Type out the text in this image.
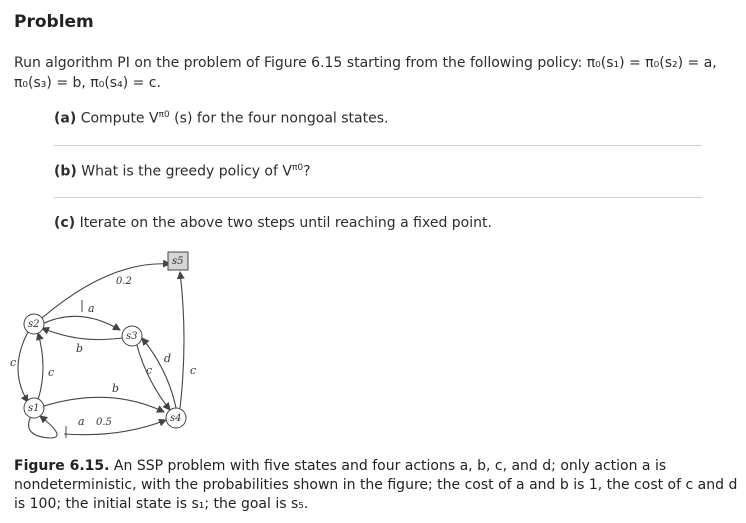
Problem
Run algorithm PI on the problem of Figure 6.15 starting from the following policy: π₀(s₁) = π₀(s₂) = a,
π₀(s₃) = b, π₀(s₄) = c.
(a) Compute $V^{\pi 0}$ (s) for the four nongoal states.
(b) What is the greedy policy of $V^{\pi 0}$?
(c) Iterate on the above two steps until reaching a fixed point.
s2
s3
s1
s4
s5
a
0.2
b
c
c
b
a 0.5
c
d
c
Figure 6.15. An SSP problem with five states and four actions a, b, c, and d; only action a is nondeterministic, with the probabilities shown in the figure; the cost of a and b is 1, the cost of c and d is 100; the initial state is s₁; the goal is s₅.
